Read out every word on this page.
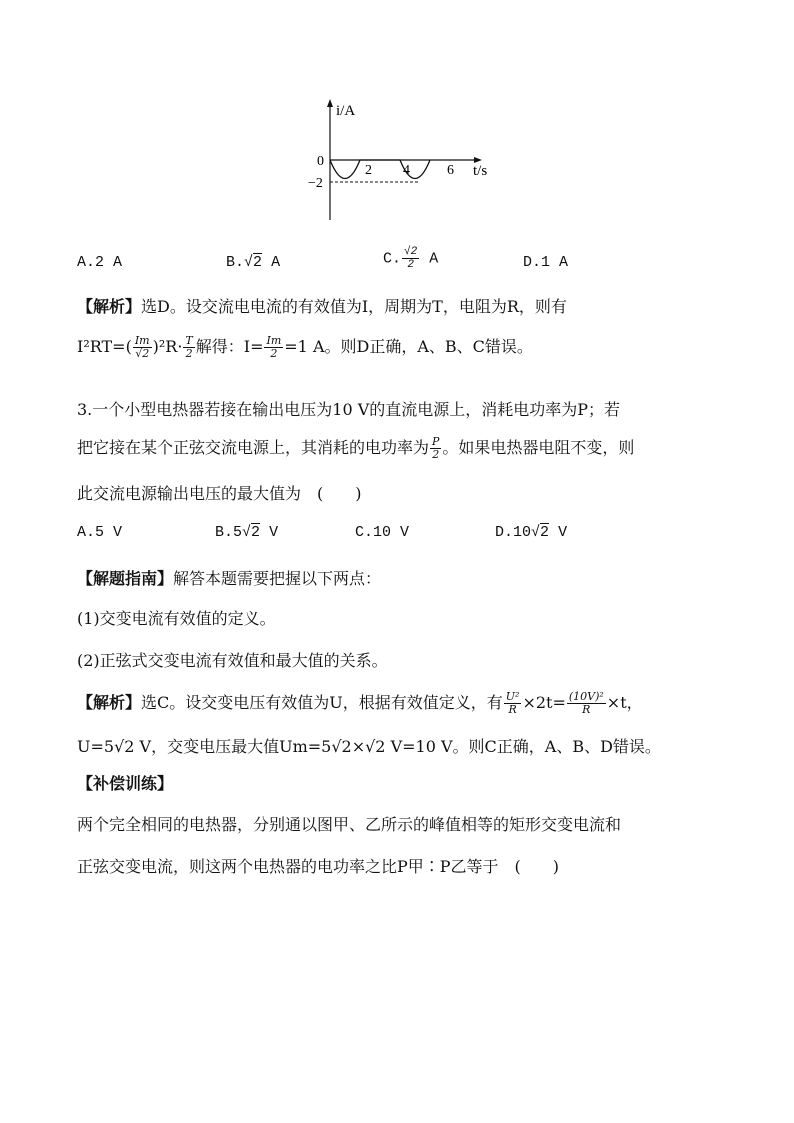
i/A
0
−2
2 4	6 t/s
A.2 A	B.√2 A	C. $\frac{√2}{2}$ A	D.1 A
【解析】选D。设交流电电流的有效值为I，周期为T，电阻为R，则有
$I^2RT=( \frac{Im}{√2} )^2R\cdot \frac{T}{2}$ 解得：$I= \frac{Im}{2} =1$ A。则D正确，A、B、C错误。
3.一个小型电热器若接在输出电压为10 V的直流电源上，消耗电功率为P；若
把它接在某个正弦交流电源上，其消耗的电功率为 $\frac{P}{2}$ 。如果电热器电阻不变，则
此交流电源输出电压的最大值为　(　　)
A.5 V	B.5√2 V	C.10 V	D.10√2 V
【解题指南】解答本题需要把握以下两点：
(1)交变电流有效值的定义。
(2)正弦式交变电流有效值和最大值的关系。
【解析】选C。设交变电压有效值为U，根据有效值定义，有 $\frac{\text{U²}}{R} \times 2t= \frac{\text{(10V)²}}{R} \times t$，
U=5√2 V，交变电压最大值Um=5√2×√2 V=10 V。则C正确，A、B、D错误。
【补偿训练】
两个完全相同的电热器，分别通以图甲、乙所示的峰值相等的矩形交变电流和
正弦交变电流，则这两个电热器的电功率之比P甲∶P乙等于　(　　)
